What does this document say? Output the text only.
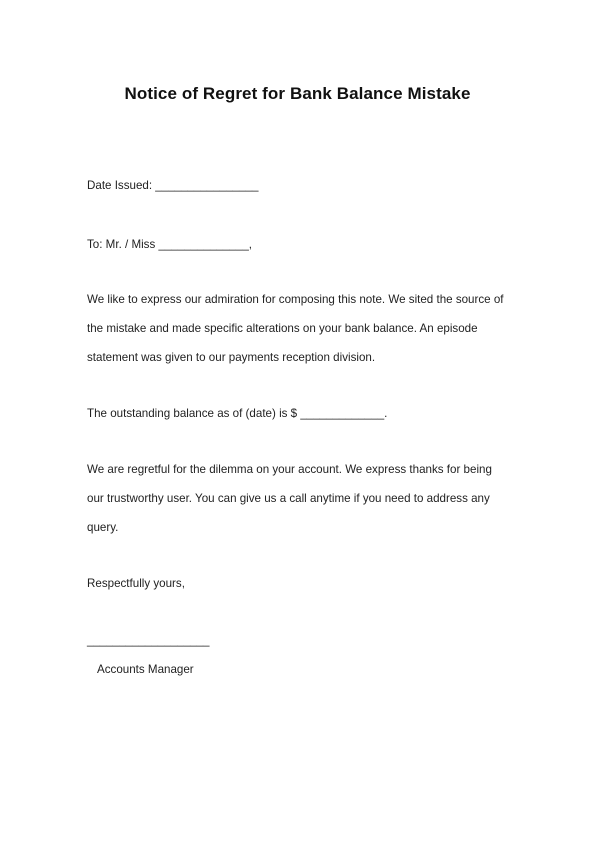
Notice of Regret for Bank Balance Mistake

Date Issued: ________________

To: Mr. / Miss ______________,

We like to express our admiration for composing this note. We sited the source of

the mistake and made specific alterations on your bank balance. An episode

statement was given to our payments reception division.

The outstanding balance as of (date) is $ _____________.

We are regretful for the dilemma on your account. We express thanks for being

our trustworthy user. You can give us a call anytime if you need to address any

query.

Respectfully yours,

___________________

Accounts Manager
